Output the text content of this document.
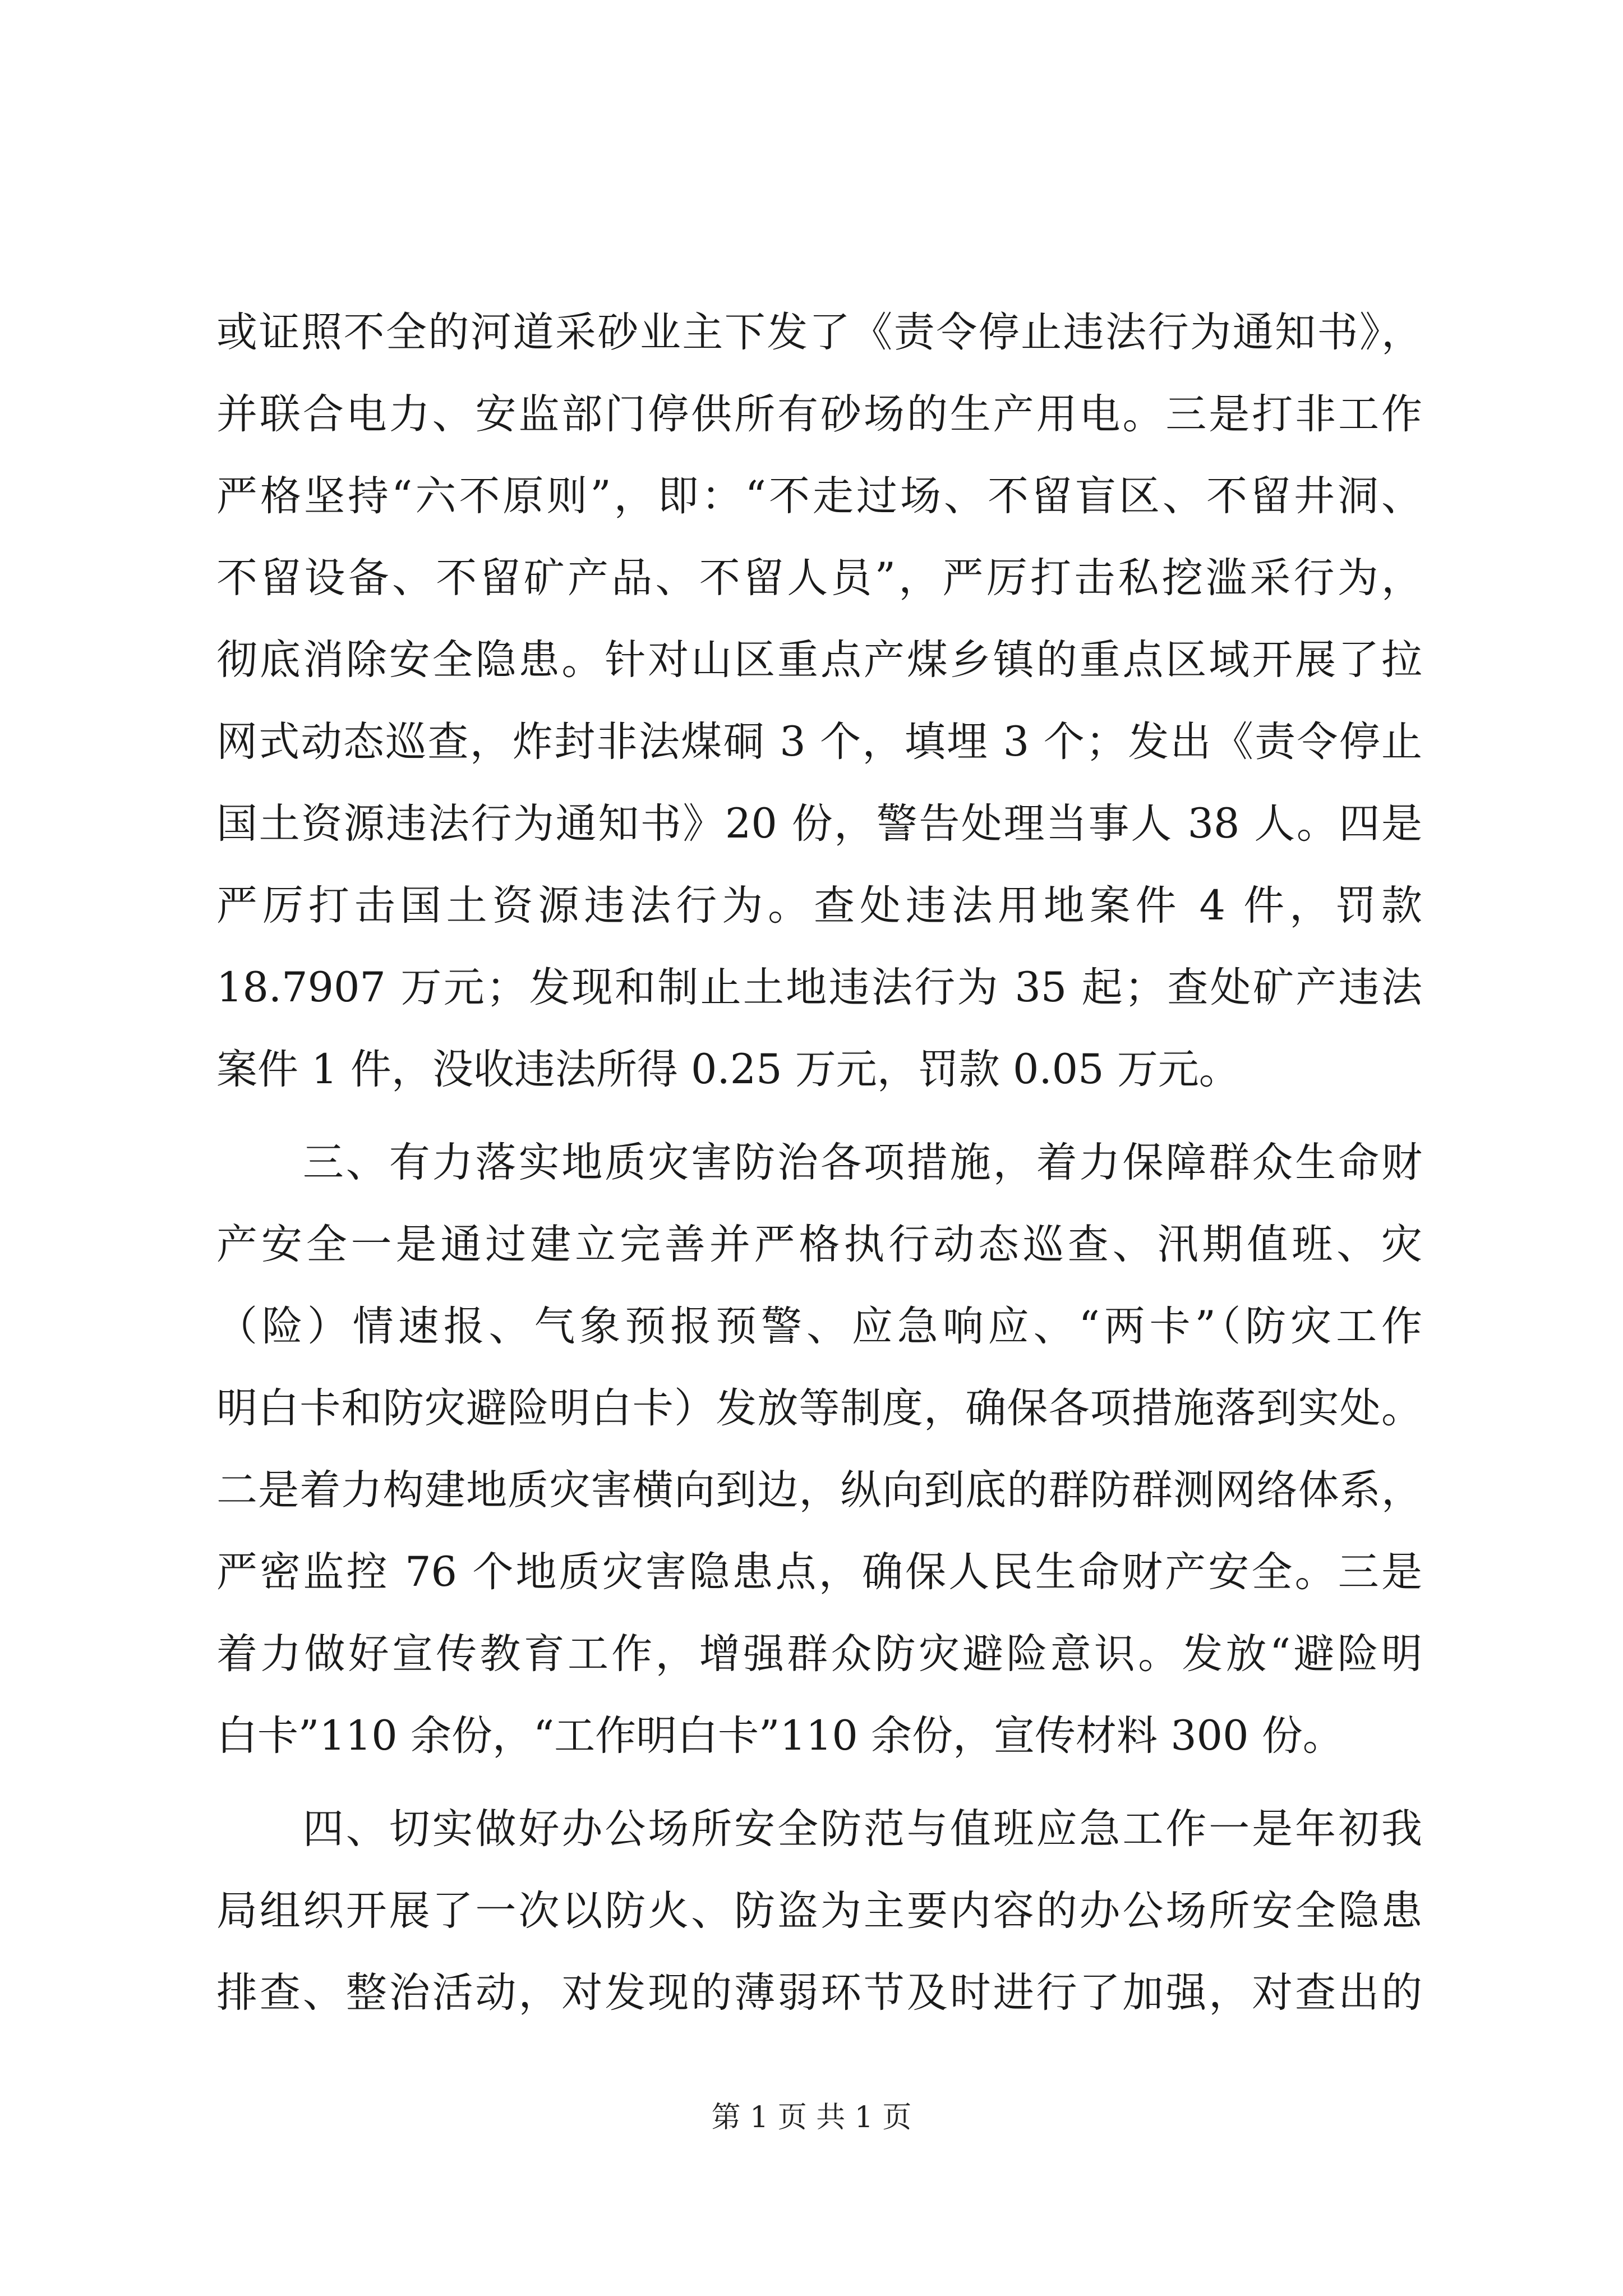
或证照不全的河道采砂业主下发了《责令停止违法行为通知书》，
并联合电力、安监部门停供所有砂场的生产用电。三是打非工作
严格坚持“六不原则”，即：“不走过场、不留盲区、不留井洞、
不留设备、不留矿产品、不留人员”，严厉打击私挖滥采行为，
彻底消除安全隐患。针对山区重点产煤乡镇的重点区域开展了拉
网式动态巡查，炸封非法煤硐 3 个，填埋 3 个；发出《责令停止
国土资源违法行为通知书》20 份，警告处理当事人 38 人。四是
严厉打击国土资源违法行为。查处违法用地案件 4 件，罚款
18.7907 万元；发现和制止土地违法行为 35 起；查处矿产违法
案件 1 件，没收违法所得 0.25 万元，罚款 0.05 万元。
　　三、有力落实地质灾害防治各项措施，着力保障群众生命财
产安全一是通过建立完善并严格执行动态巡查、汛期值班、灾
（险）情速报、气象预报预警、应急响应、“两卡”（防灾工作
明白卡和防灾避险明白卡）发放等制度，确保各项措施落到实处。
二是着力构建地质灾害横向到边，纵向到底的群防群测网络体系，
严密监控 76 个地质灾害隐患点，确保人民生命财产安全。三是
着力做好宣传教育工作，增强群众防灾避险意识。发放“避险明
白卡”110 余份，“工作明白卡”110 余份，宣传材料 300 份。
　　四、切实做好办公场所安全防范与值班应急工作一是年初我
局组织开展了一次以防火、防盗为主要内容的办公场所安全隐患
排查、整治活动，对发现的薄弱环节及时进行了加强，对查出的
第 1 页 共 1 页
